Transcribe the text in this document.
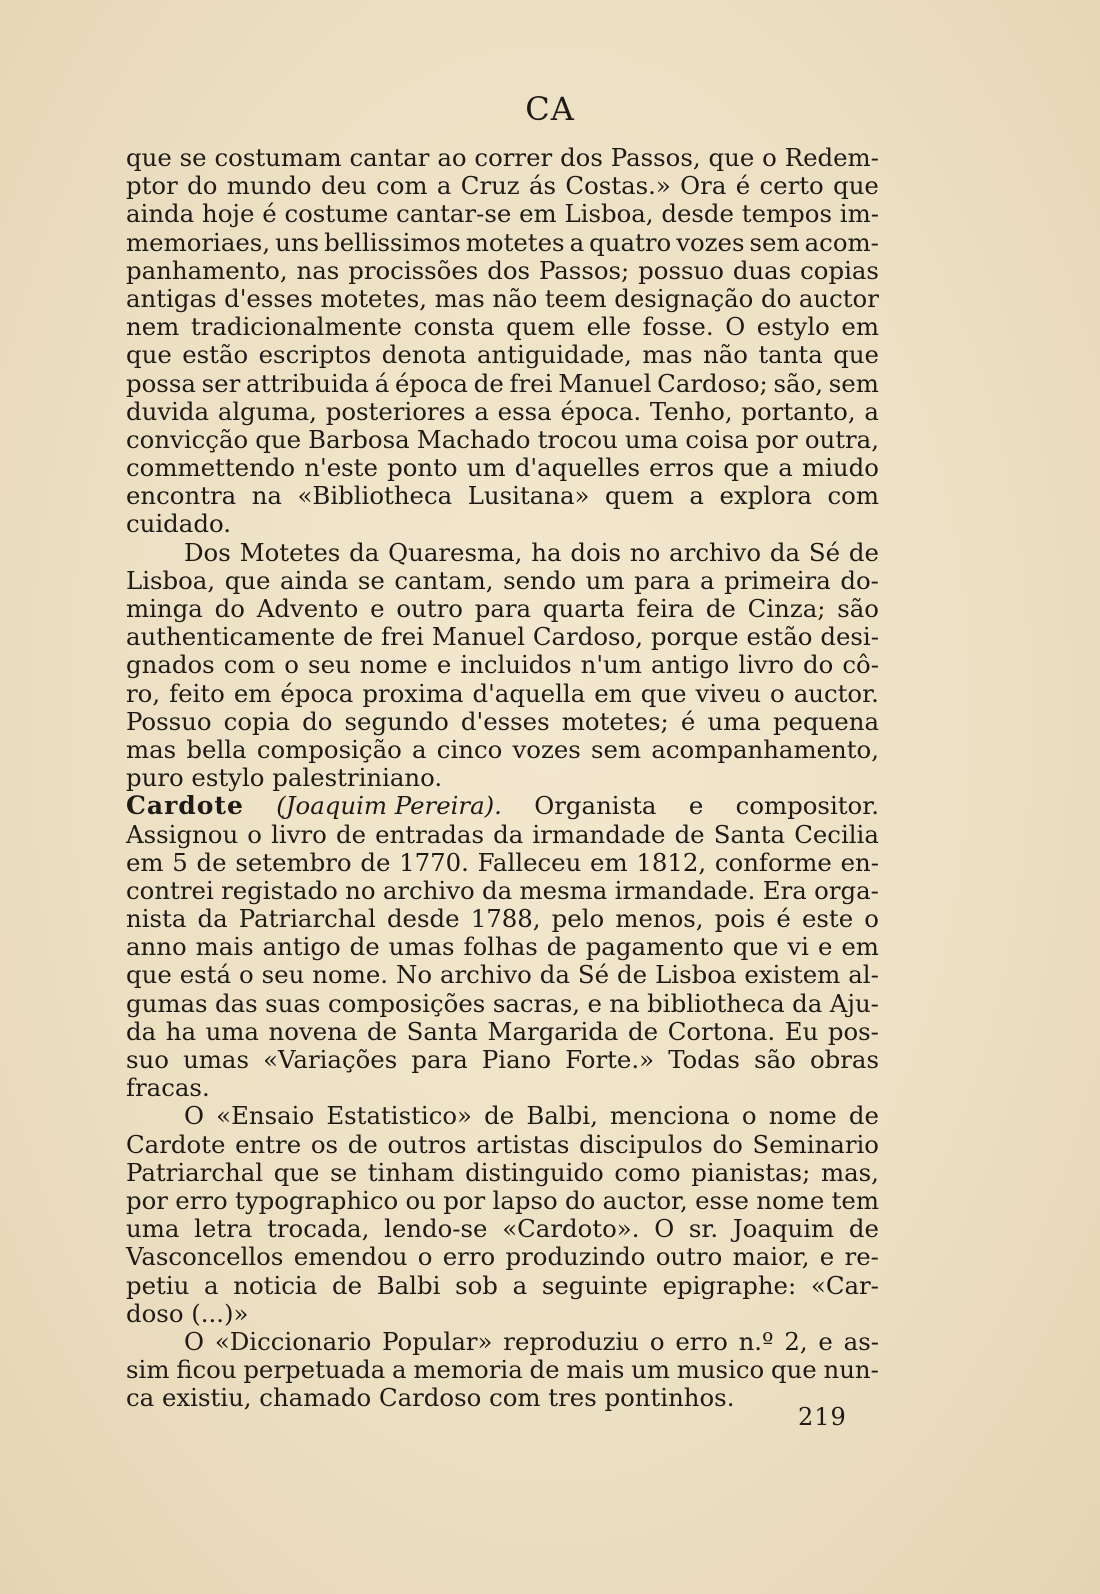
CA
que se costumam cantar ao correr dos Passos, que o Redem-
ptor do mundo deu com a Cruz ás Costas.» Ora é certo que
ainda hoje é costume cantar-se em Lisboa, desde tempos im-
memoriaes, uns bellissimos motetes a quatro vozes sem acom-
panhamento, nas procissões dos Passos; possuo duas copias
antigas d'esses motetes, mas não teem designação do auctor
nem tradicionalmente consta quem elle fosse. O estylo em
que estão escriptos denota antiguidade, mas não tanta que
possa ser attribuida á época de frei Manuel Cardoso; são, sem
duvida alguma, posteriores a essa época. Tenho, portanto, a
convicção que Barbosa Machado trocou uma coisa por outra,
commettendo n'este ponto um d'aquelles erros que a miudo
encontra na «Bibliotheca Lusitana» quem a explora com
cuidado.
Dos Motetes da Quaresma, ha dois no archivo da Sé de
Lisboa, que ainda se cantam, sendo um para a primeira do-
minga do Advento e outro para quarta feira de Cinza; são
authenticamente de frei Manuel Cardoso, porque estão desi-
gnados com o seu nome e incluidos n'um antigo livro do cô-
ro, feito em época proxima d'aquella em que viveu o auctor.
Possuo copia do segundo d'esses motetes; é uma pequena
mas bella composição a cinco vozes sem acompanhamento,
puro estylo palestriniano.
Cardote (Joaquim Pereira). Organista e compositor.
Assignou o livro de entradas da irmandade de Santa Cecilia
em 5 de setembro de 1770. Falleceu em 1812, conforme en-
contrei registado no archivo da mesma irmandade. Era orga-
nista da Patriarchal desde 1788, pelo menos, pois é este o
anno mais antigo de umas folhas de pagamento que vi e em
que está o seu nome. No archivo da Sé de Lisboa existem al-
gumas das suas composições sacras, e na bibliotheca da Aju-
da ha uma novena de Santa Margarida de Cortona. Eu pos-
suo umas «Variações para Piano Forte.» Todas são obras
fracas.
O «Ensaio Estatistico» de Balbi, menciona o nome de
Cardote entre os de outros artistas discipulos do Seminario
Patriarchal que se tinham distinguido como pianistas; mas,
por erro typographico ou por lapso do auctor, esse nome tem
uma letra trocada, lendo-se «Cardoto». O sr. Joaquim de
Vasconcellos emendou o erro produzindo outro maior, e re-
petiu a noticia de Balbi sob a seguinte epigraphe: «Car-
doso (...)»
O «Diccionario Popular» reproduziu o erro n.º 2, e as-
sim ficou perpetuada a memoria de mais um musico que nun-
ca existiu, chamado Cardoso com tres pontinhos.
219
